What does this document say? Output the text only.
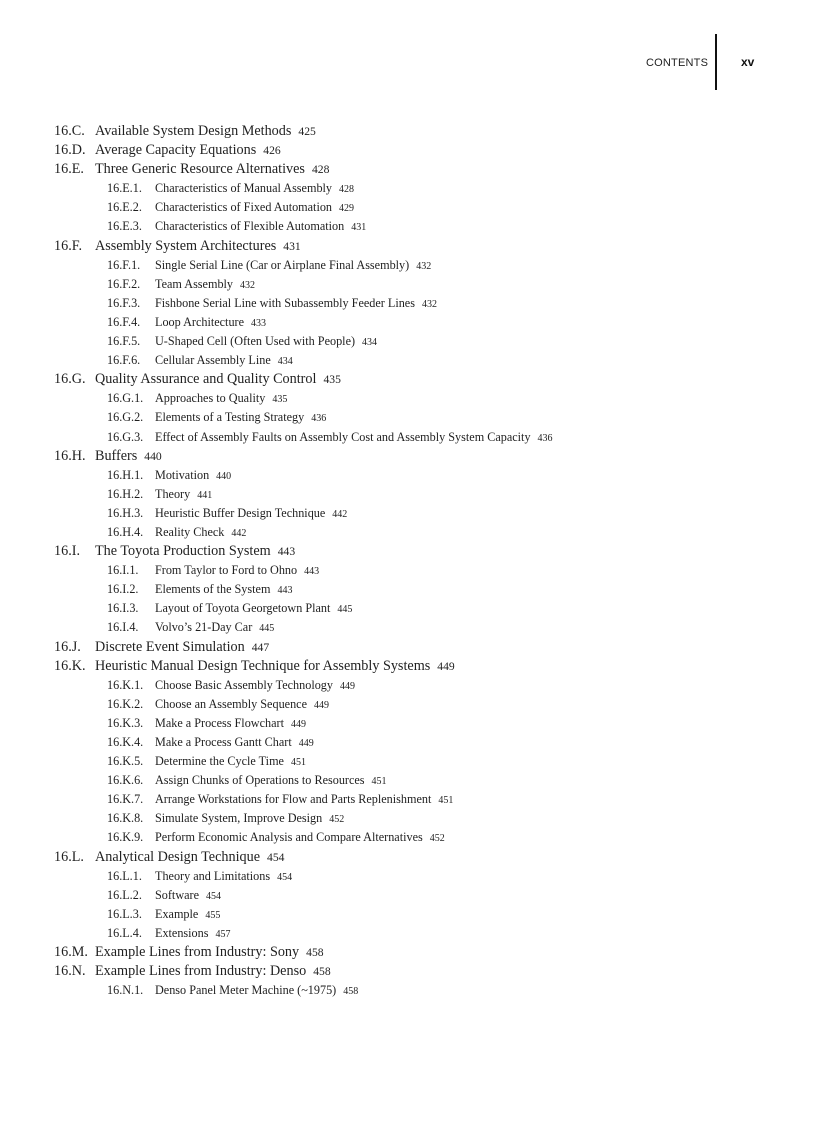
CONTENTS	xv
16.C. Available System Design Methods 425
16.D. Average Capacity Equations 426
16.E. Three Generic Resource Alternatives 428
16.E.1. Characteristics of Manual Assembly 428
16.E.2. Characteristics of Fixed Automation 429
16.E.3. Characteristics of Flexible Automation 431
16.F. Assembly System Architectures 431
16.F.1. Single Serial Line (Car or Airplane Final Assembly) 432
16.F.2. Team Assembly 432
16.F.3. Fishbone Serial Line with Subassembly Feeder Lines 432
16.F.4. Loop Architecture 433
16.F.5. U-Shaped Cell (Often Used with People) 434
16.F.6. Cellular Assembly Line 434
16.G. Quality Assurance and Quality Control 435
16.G.1. Approaches to Quality 435
16.G.2. Elements of a Testing Strategy 436
16.G.3. Effect of Assembly Faults on Assembly Cost and Assembly System Capacity 436
16.H. Buffers 440
16.H.1. Motivation 440
16.H.2. Theory 441
16.H.3. Heuristic Buffer Design Technique 442
16.H.4. Reality Check 442
16.I. The Toyota Production System 443
16.I.1. From Taylor to Ford to Ohno 443
16.I.2. Elements of the System 443
16.I.3. Layout of Toyota Georgetown Plant 445
16.I.4. Volvo’s 21-Day Car 445
16.J. Discrete Event Simulation 447
16.K. Heuristic Manual Design Technique for Assembly Systems 449
16.K.1. Choose Basic Assembly Technology 449
16.K.2. Choose an Assembly Sequence 449
16.K.3. Make a Process Flowchart 449
16.K.4. Make a Process Gantt Chart 449
16.K.5. Determine the Cycle Time 451
16.K.6. Assign Chunks of Operations to Resources 451
16.K.7. Arrange Workstations for Flow and Parts Replenishment 451
16.K.8. Simulate System, Improve Design 452
16.K.9. Perform Economic Analysis and Compare Alternatives 452
16.L. Analytical Design Technique 454
16.L.1. Theory and Limitations 454
16.L.2. Software 454
16.L.3. Example 455
16.L.4. Extensions 457
16.M. Example Lines from Industry: Sony 458
16.N. Example Lines from Industry: Denso 458
16.N.1. Denso Panel Meter Machine (~1975) 458
